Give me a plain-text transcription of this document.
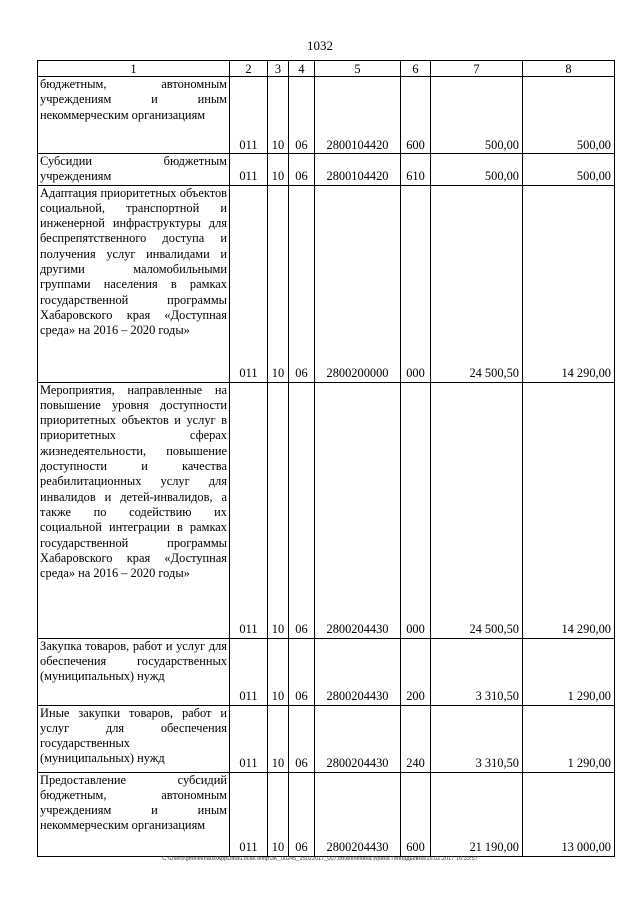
1032
1	2	3	4	5	6	7	8
бюджетным, автономным учреждениям и иным некоммерческим организациям	011	10	06	2800104420	600	500,00	500,00
Субсидии бюджетным учреждениям	011	10	06	2800104420	610	500,00	500,00
Адаптация приоритетных объектов социальной, транспортной и инженерной инфраструктуры для беспрепятственного доступа и получения услуг инвалидами и другими маломобильными группами населения в рамках государственной программы Хабаровского края «Доступная среда» на 2016 – 2020 годы»	011	10	06	2800200000	000	24 500,50	14 290,00
Мероприятия, направленные на повышение уровня доступности приоритетных объектов и услуг в приоритетных сферах жизнедеятельности, повышение доступности и качества реабилитационных услуг для инвалидов и детей-инвалидов, а также по содействию их социальной интеграции в рамках государственной программы Хабаровского края «Доступная среда» на 2016 – 2020 годы»	011	10	06	2800204430	000	24 500,50	14 290,00
Закупка товаров, работ и услуг для обеспечения государственных (муниципальных) нужд	011	10	06	2800204430	200	3 310,50	1 290,00
Иные закупки товаров, работ и услуг для обеспечения государственных (муниципальных) нужд	011	10	06	2800204430	240	3 310,50	1 290,00
Предоставление субсидий бюджетным, автономным учреждениям и иным некоммерческим организациям	011	10	06	2800204430	600	21 190,00	13 000,00
C:\Users\gmelekhaus\AppData\Local\Temp\3K_00245_15022017_007.txt\Мелехина Ирина Геннадьевна\16.02.2017 16:33:57
